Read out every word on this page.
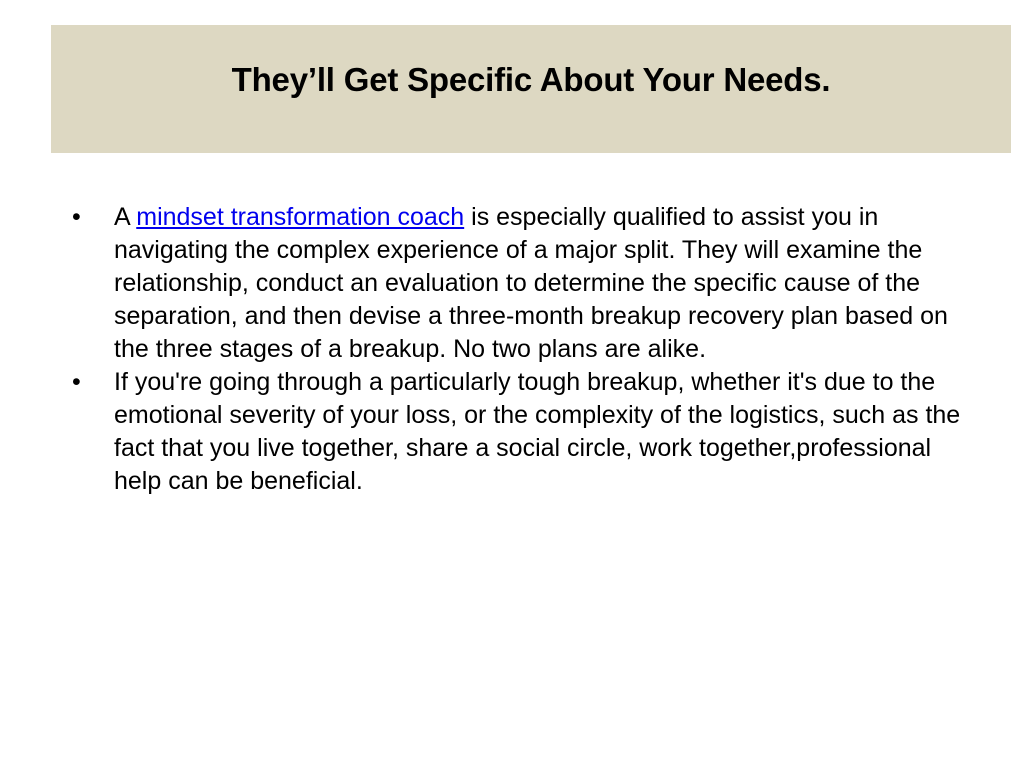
They’ll Get Specific About Your Needs.
•	A mindset transformation coach is especially qualified to assist you in navigating the complex experience of a major split. They will examine the relationship, conduct an evaluation to determine the specific cause of the separation, and then devise a three-month breakup recovery plan based on the three stages of a breakup. No two plans are alike.
•	If you're going through a particularly tough breakup, whether it's due to the emotional severity of your loss, or the complexity of the logistics, such as the fact that you live together, share a social circle, work together,professional help can be beneficial.
